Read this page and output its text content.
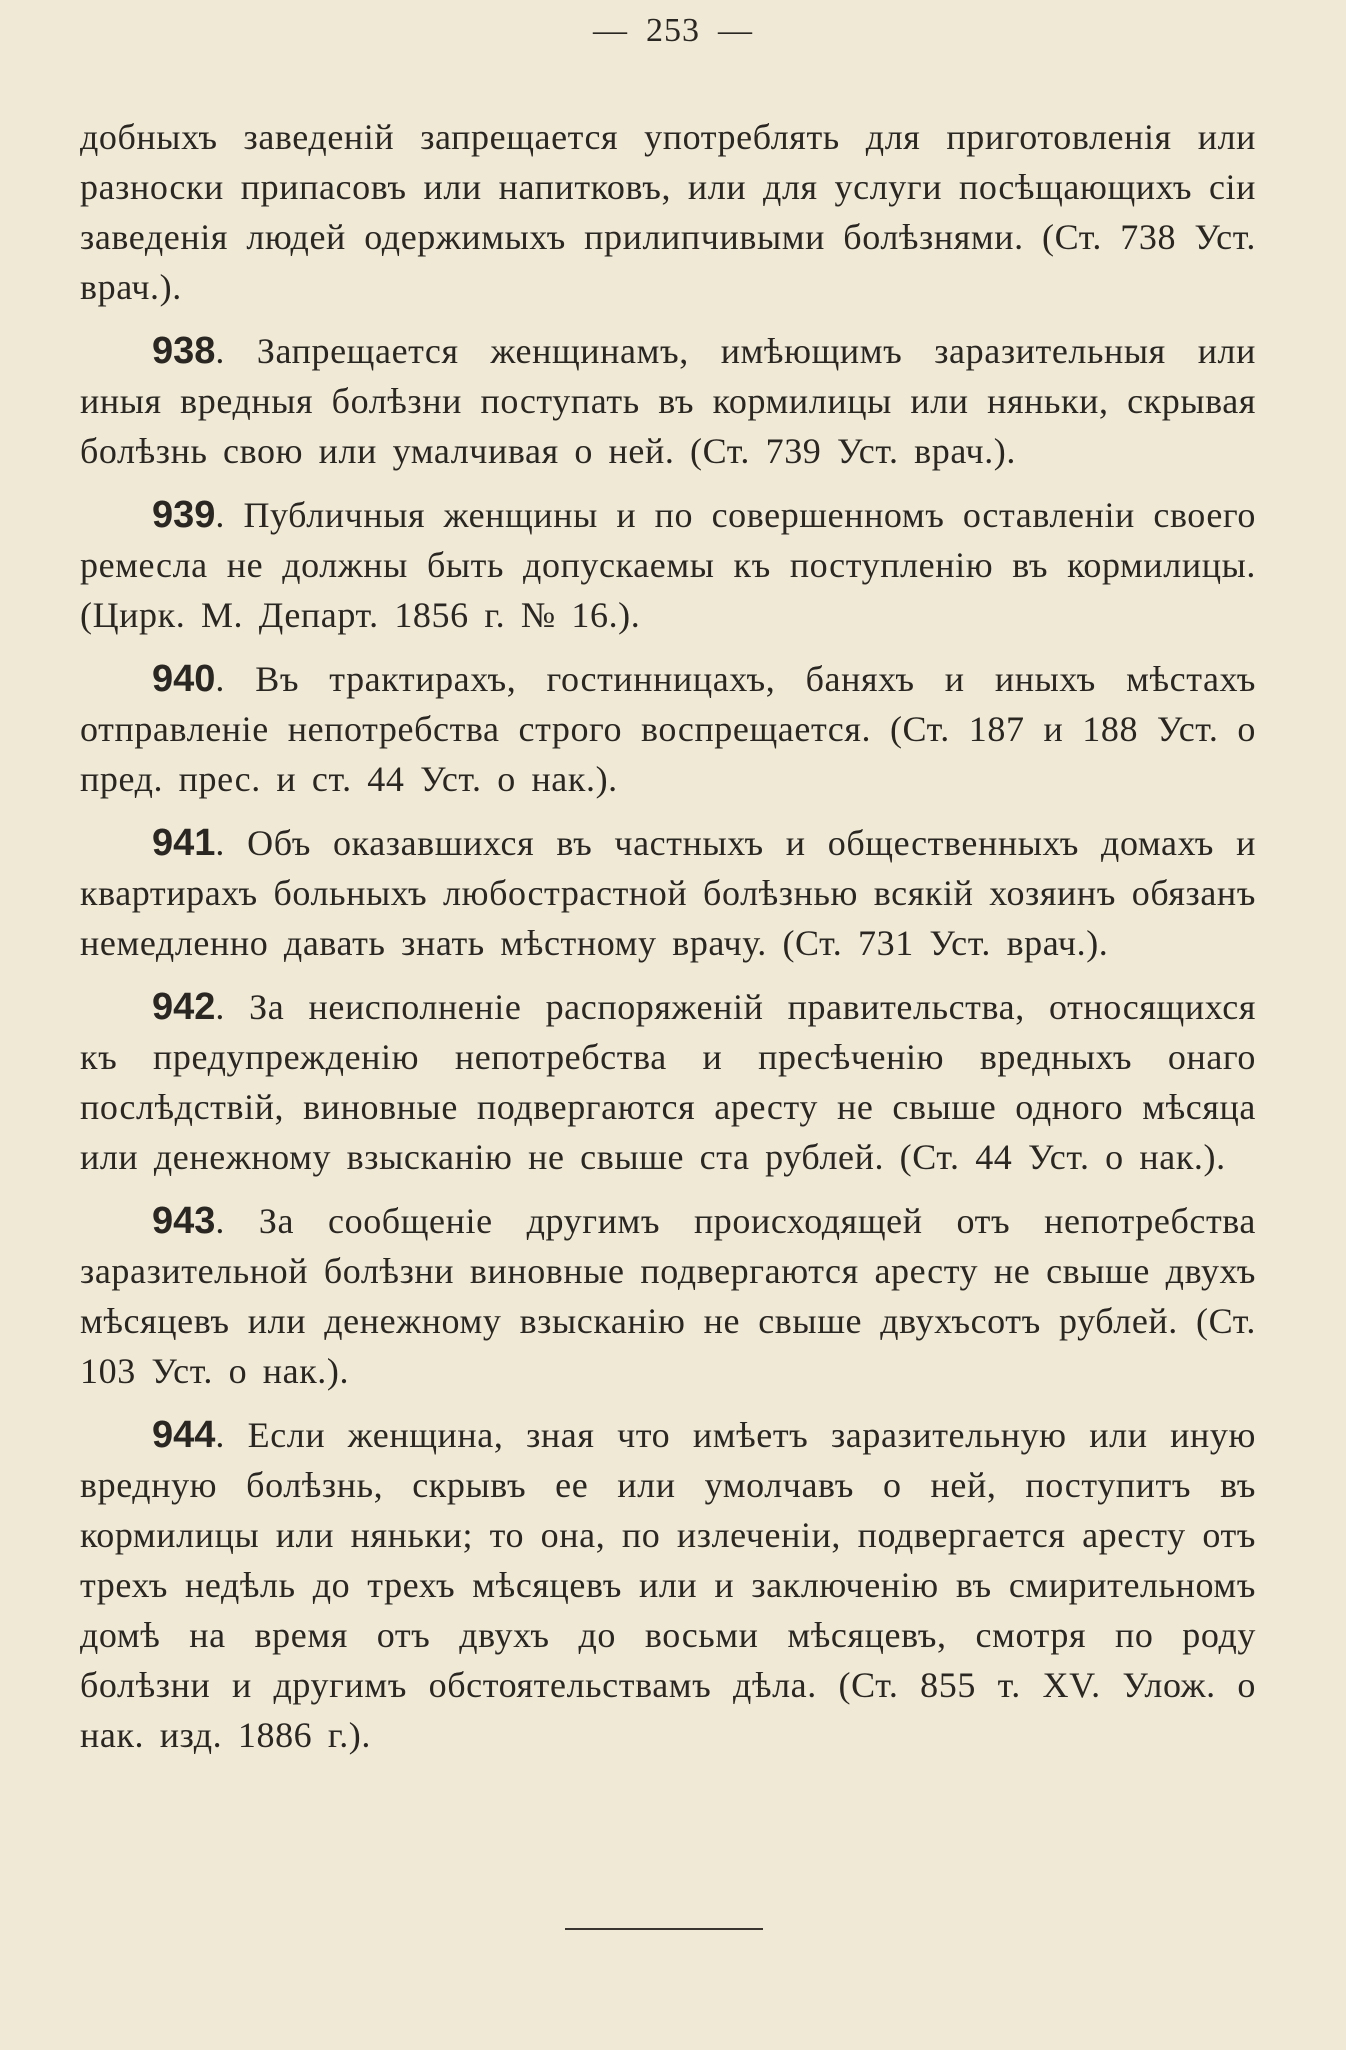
— 253 —

добныхъ заведенiй запрещается употреблять для приготовленiя или разноски припасовъ или напитковъ, или для услуги посѣщающихъ сiи заведенiя людей одержимыхъ прилипчивыми болѣзнями. (Ст. 738 Уст. врач.).

938. Запрещается женщинамъ, имѣющимъ заразительныя или иныя вредныя болѣзни поступать въ кормилицы или няньки, скрывая болѣзнь свою или умалчивая о ней. (Ст. 739 Уст. врач.).

939. Публичныя женщины и по совершенномъ оставленiи своего ремесла не должны быть допускаемы къ поступленiю въ кормилицы. (Цирк. М. Департ. 1856 г. № 16.).

940. Въ трактирахъ, гостинницахъ, баняхъ и иныхъ мѣстахъ отправленiе непотребства строго воспрещается. (Ст. 187 и 188 Уст. о пред. прес. и ст. 44 Уст. о нак.).

941. Объ оказавшихся въ частныхъ и общественныхъ домахъ и квартирахъ больныхъ любострастной болѣзнью всякiй хозяинъ обязанъ немедленно давать знать мѣстному врачу. (Ст. 731 Уст. врач.).

942. За неисполненiе распоряженiй правительства, относящихся къ предупрежденiю непотребства и пресѣченiю вредныхъ онаго послѣдствiй, виновные подвергаются аресту не свыше одного мѣсяца или денежному взысканiю не свыше ста рублей. (Ст. 44 Уст. о нак.).

943. За сообщенiе другимъ происходящей отъ непотребства заразительной болѣзни виновные подвергаются аресту не свыше двухъ мѣсяцевъ или денежному взысканiю не свыше двухъсотъ рублей. (Ст. 103 Уст. о нак.).

944. Если женщина, зная что имѣетъ заразительную или иную вредную болѣзнь, скрывъ ее или умолчавъ о ней, поступитъ въ кормилицы или няньки; то она, по излеченiи, подвергается аресту отъ трехъ недѣль до трехъ мѣсяцевъ или и заключенiю въ смирительномъ домѣ на время отъ двухъ до восьми мѣсяцевъ, смотря по роду болѣзни и другимъ обстоятельствамъ дѣла. (Ст. 855 т. XV. Улож. о нак. изд. 1886 г.).
